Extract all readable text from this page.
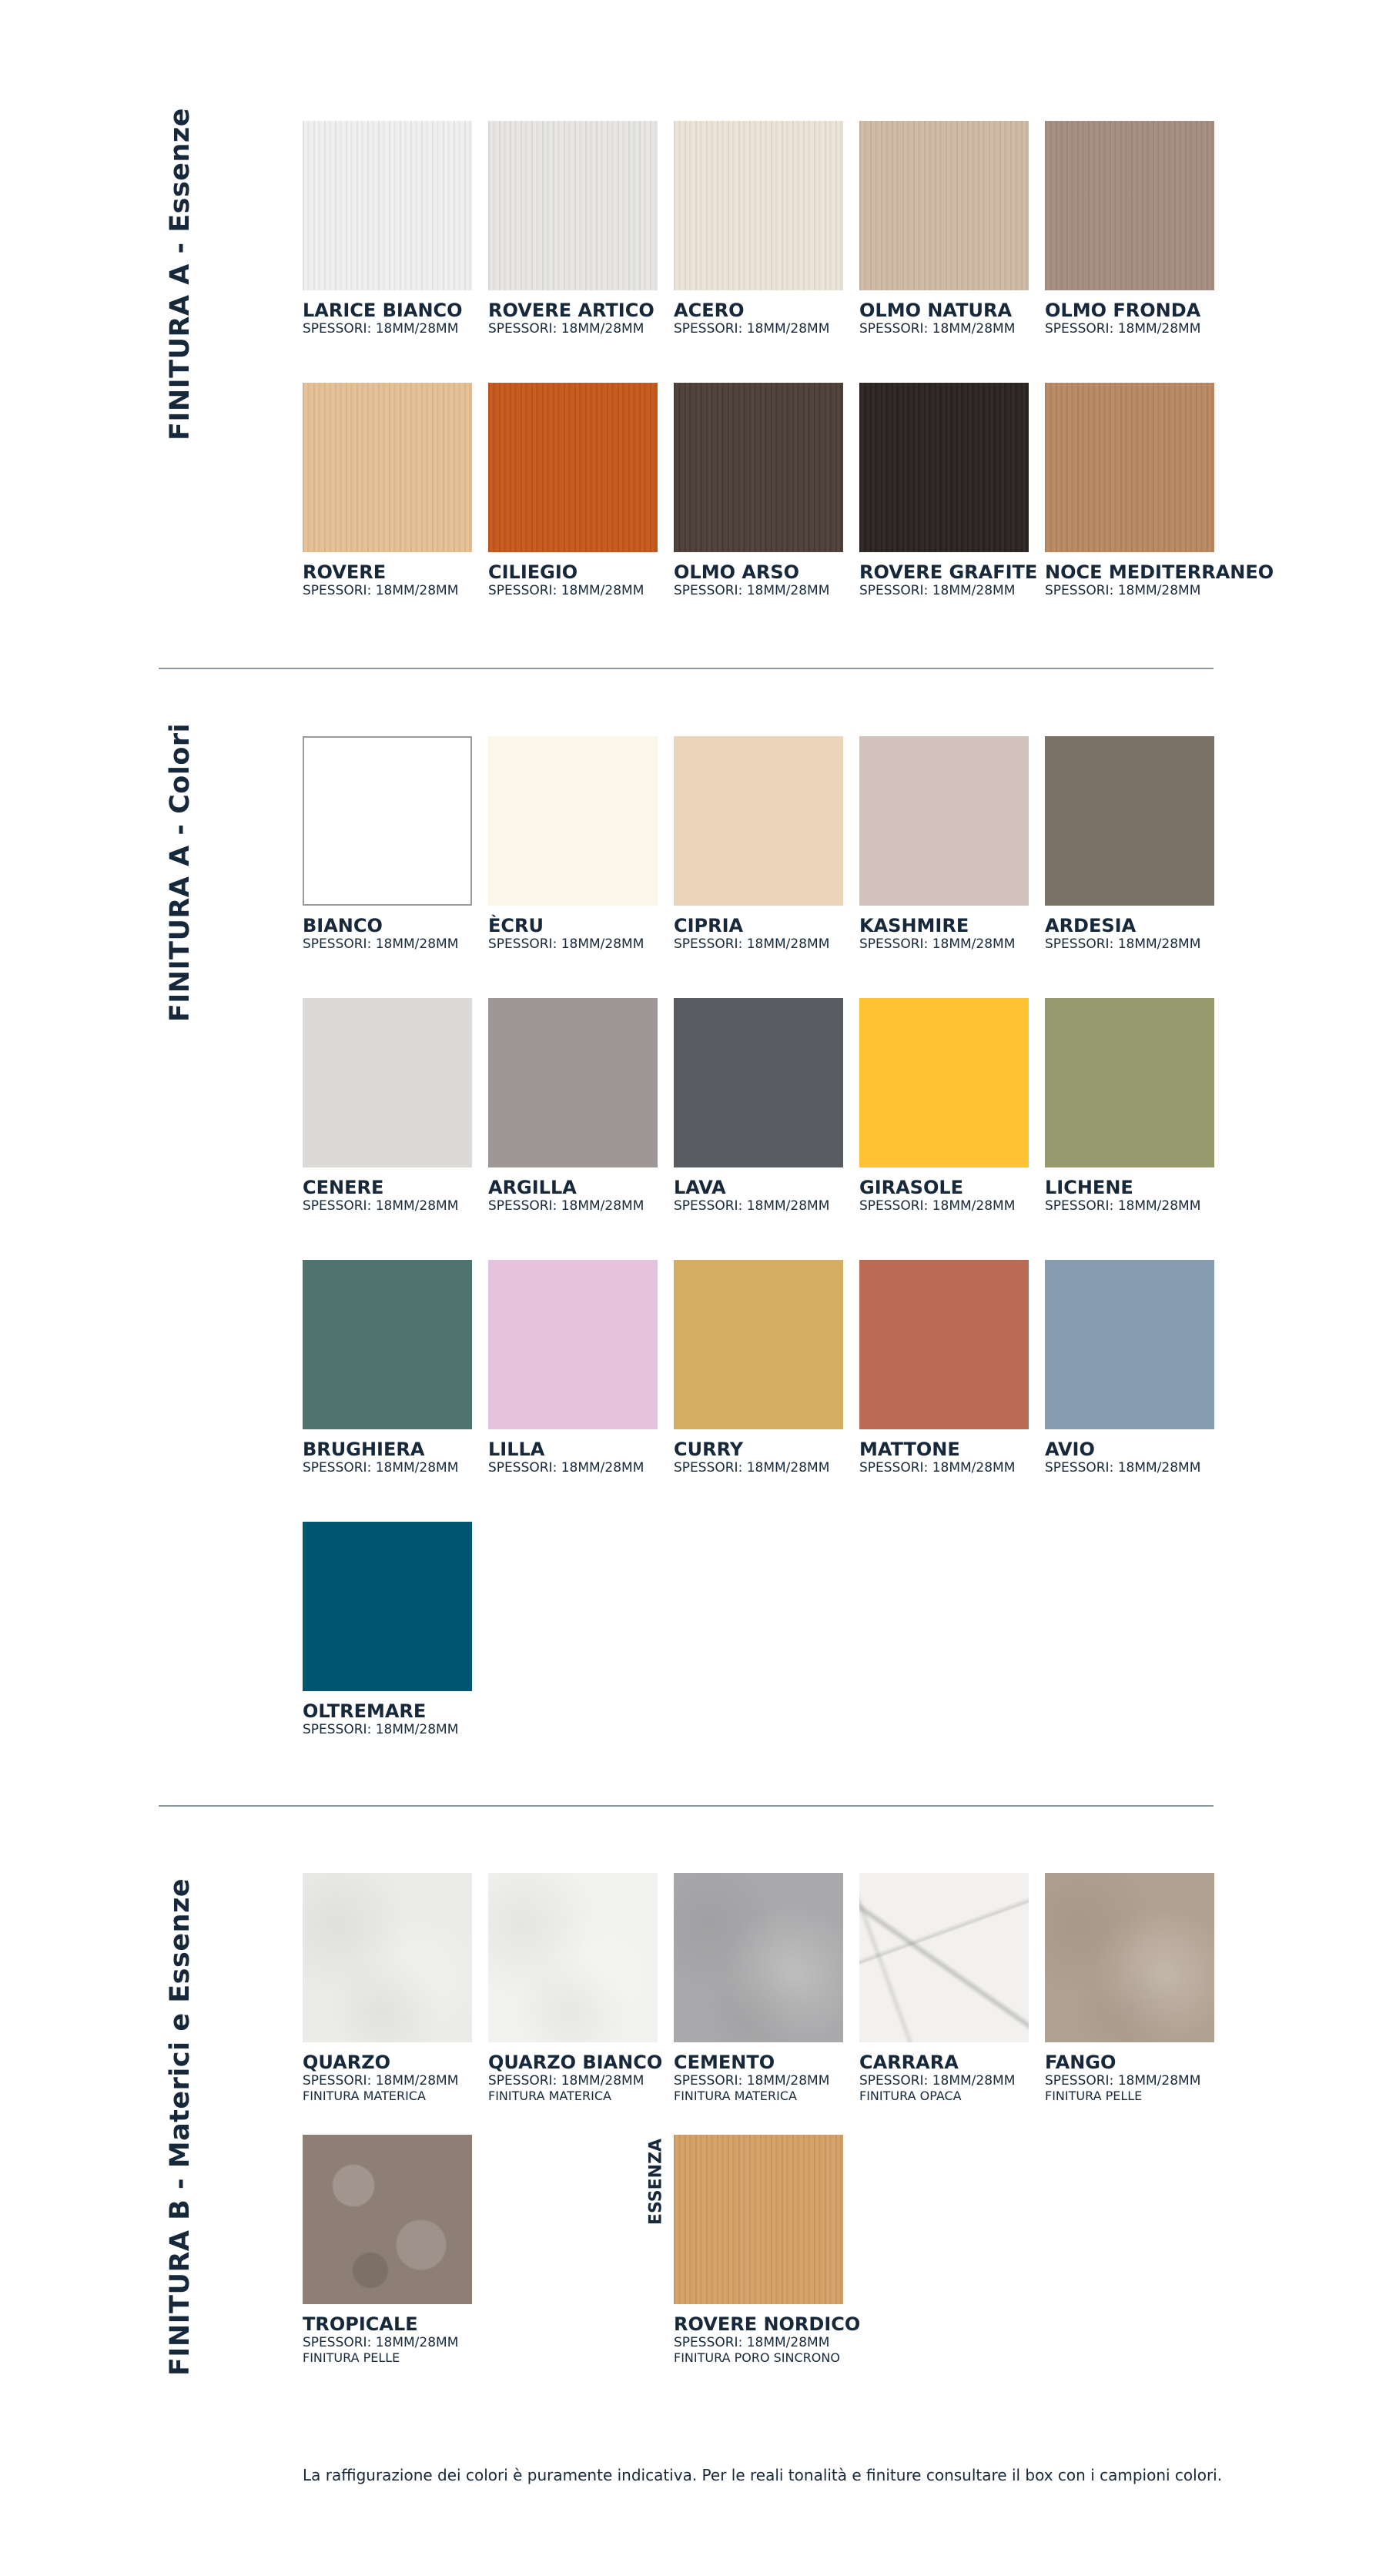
FINITURA A - Essenze	LARICE BIANCO
SPESSORI: 18MM/28MM
ROVERE ARTICO
SPESSORI: 18MM/28MM
ACERO
SPESSORI: 18MM/28MM
OLMO NATURA
SPESSORI: 18MM/28MM
OLMO FRONDA
SPESSORI: 18MM/28MM
ROVERE
SPESSORI: 18MM/28MM
CILIEGIO
SPESSORI: 18MM/28MM
OLMO ARSO
SPESSORI: 18MM/28MM
ROVERE GRAFITE
SPESSORI: 18MM/28MM
NOCE MEDITERRANEO
SPESSORI: 18MM/28MM
FINITURA A - Colori	BIANCO
SPESSORI: 18MM/28MM
ÈCRU
SPESSORI: 18MM/28MM
CIPRIA
SPESSORI: 18MM/28MM
KASHMIRE
SPESSORI: 18MM/28MM
ARDESIA
SPESSORI: 18MM/28MM
CENERE
SPESSORI: 18MM/28MM
ARGILLA
SPESSORI: 18MM/28MM
LAVA
SPESSORI: 18MM/28MM
GIRASOLE
SPESSORI: 18MM/28MM
LICHENE
SPESSORI: 18MM/28MM
BRUGHIERA
SPESSORI: 18MM/28MM
LILLA
SPESSORI: 18MM/28MM
CURRY
SPESSORI: 18MM/28MM
MATTONE
SPESSORI: 18MM/28MM
AVIO
SPESSORI: 18MM/28MM
OLTREMARE
SPESSORI: 18MM/28MM
FINITURA B - Materici e Essenze	QUARZO
SPESSORI: 18MM/28MM
FINITURA MATERICA
QUARZO BIANCO
SPESSORI: 18MM/28MM
FINITURA MATERICA
CEMENTO
SPESSORI: 18MM/28MM
FINITURA MATERICA
CARRARA
SPESSORI: 18MM/28MM
FINITURA OPACA
FANGO
SPESSORI: 18MM/28MM
FINITURA PELLE
TROPICALE
SPESSORI: 18MM/28MM
FINITURA PELLE
ROVERE NORDICO
SPESSORI: 18MM/28MM
FINITURA PORO SINCRONO
ESSENZA
La raffigurazione dei colori è puramente indicativa. Per le reali tonalità e finiture consultare il box con i campioni colori.
